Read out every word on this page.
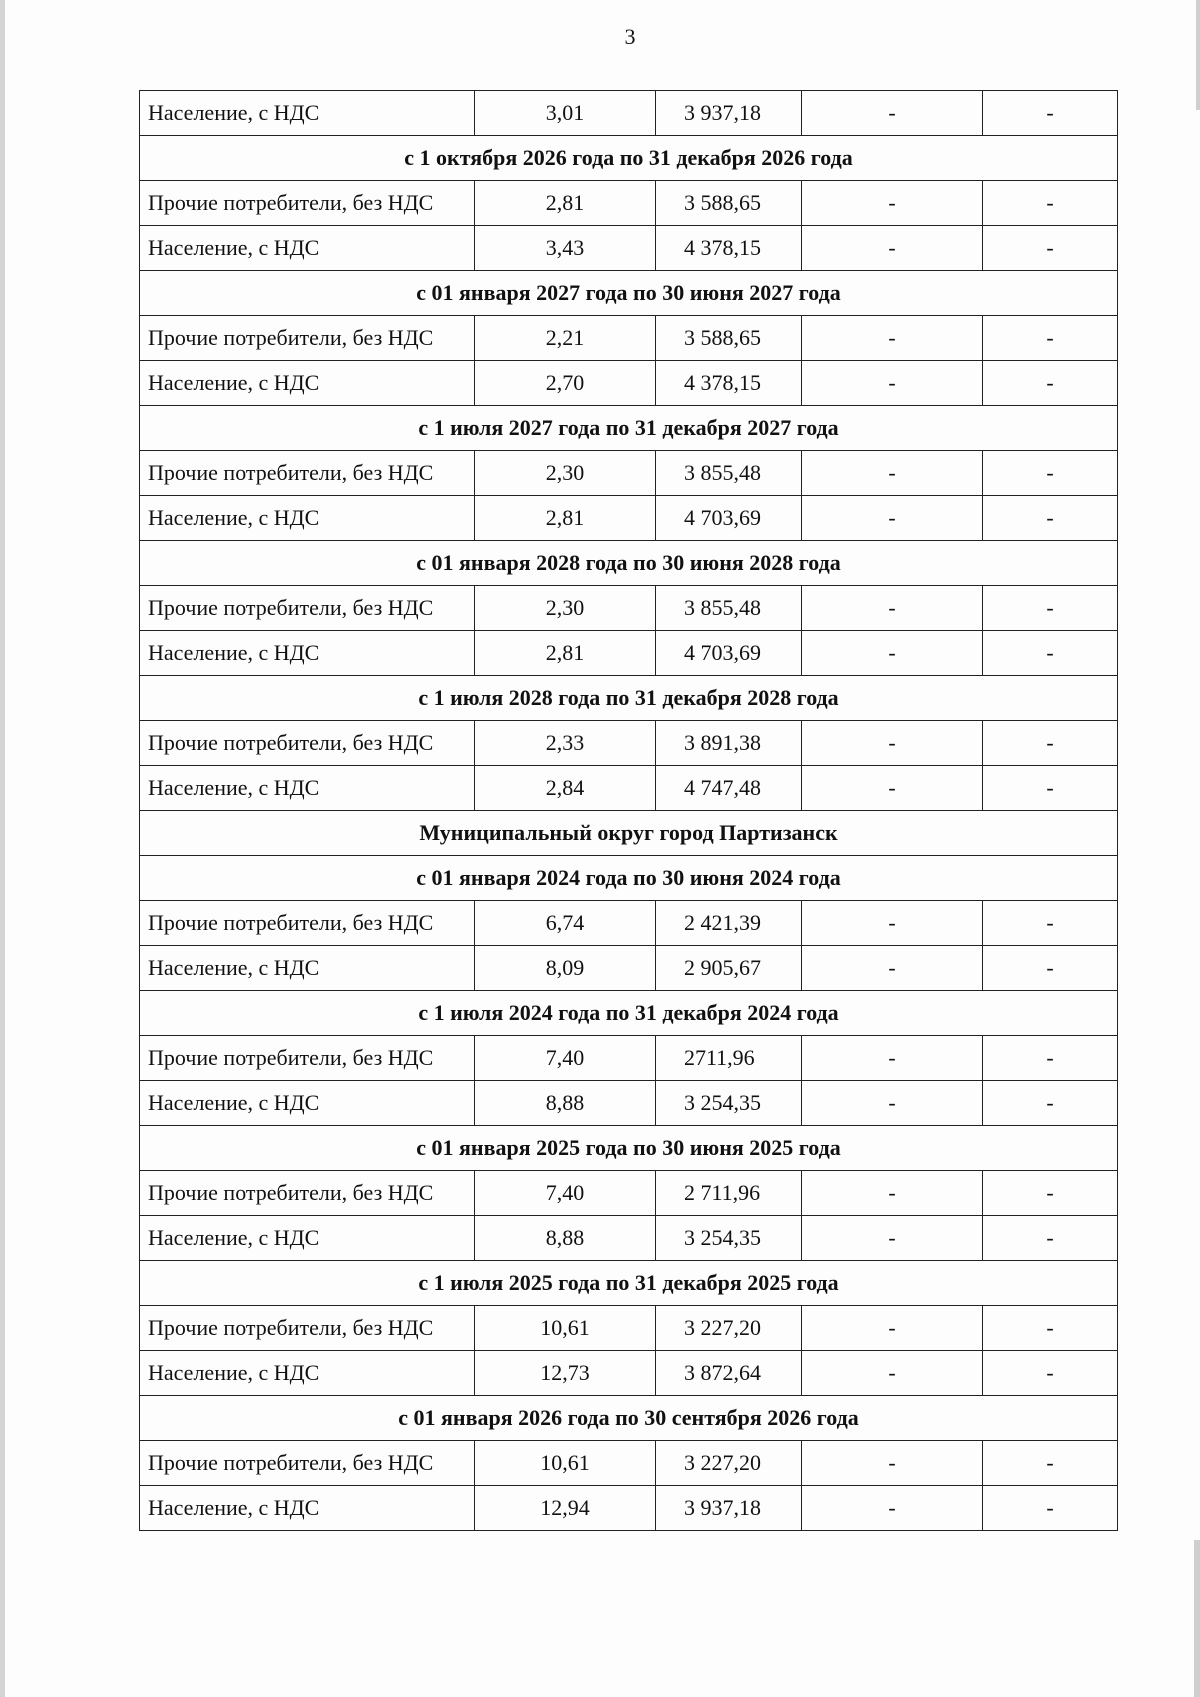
3
Население, с НДС	3,01	3 937,18	-	-
с 1 октября 2026 года по 31 декабря 2026 года				
Прочие потребители, без НДС	2,81	3 588,65	-	-
Население, с НДС	3,43	4 378,15	-	-
с 01 января 2027 года по 30 июня 2027 года				
Прочие потребители, без НДС	2,21	3 588,65	-	-
Население, с НДС	2,70	4 378,15	-	-
с 1 июля 2027 года по 31 декабря 2027 года				
Прочие потребители, без НДС	2,30	3 855,48	-	-
Население, с НДС	2,81	4 703,69	-	-
с 01 января 2028 года по 30 июня 2028 года				
Прочие потребители, без НДС	2,30	3 855,48	-	-
Население, с НДС	2,81	4 703,69	-	-
с 1 июля 2028 года по 31 декабря 2028 года				
Прочие потребители, без НДС	2,33	3 891,38	-	-
Население, с НДС	2,84	4 747,48	-	-
Муниципальный округ город Партизанск				
с 01 января 2024 года по 30 июня 2024 года				
Прочие потребители, без НДС	6,74	2 421,39	-	-
Население, с НДС	8,09	2 905,67	-	-
с 1 июля 2024 года по 31 декабря 2024 года				
Прочие потребители, без НДС	7,40	2711,96	-	-
Население, с НДС	8,88	3 254,35	-	-
с 01 января 2025 года по 30 июня 2025 года				
Прочие потребители, без НДС	7,40	2 711,96	-	-
Население, с НДС	8,88	3 254,35	-	-
с 1 июля 2025 года по 31 декабря 2025 года				
Прочие потребители, без НДС	10,61	3 227,20	-	-
Население, с НДС	12,73	3 872,64	-	-
с 01 января 2026 года по 30 сентября 2026 года				
Прочие потребители, без НДС	10,61	3 227,20	-	-
Население, с НДС	12,94	3 937,18	-	-
